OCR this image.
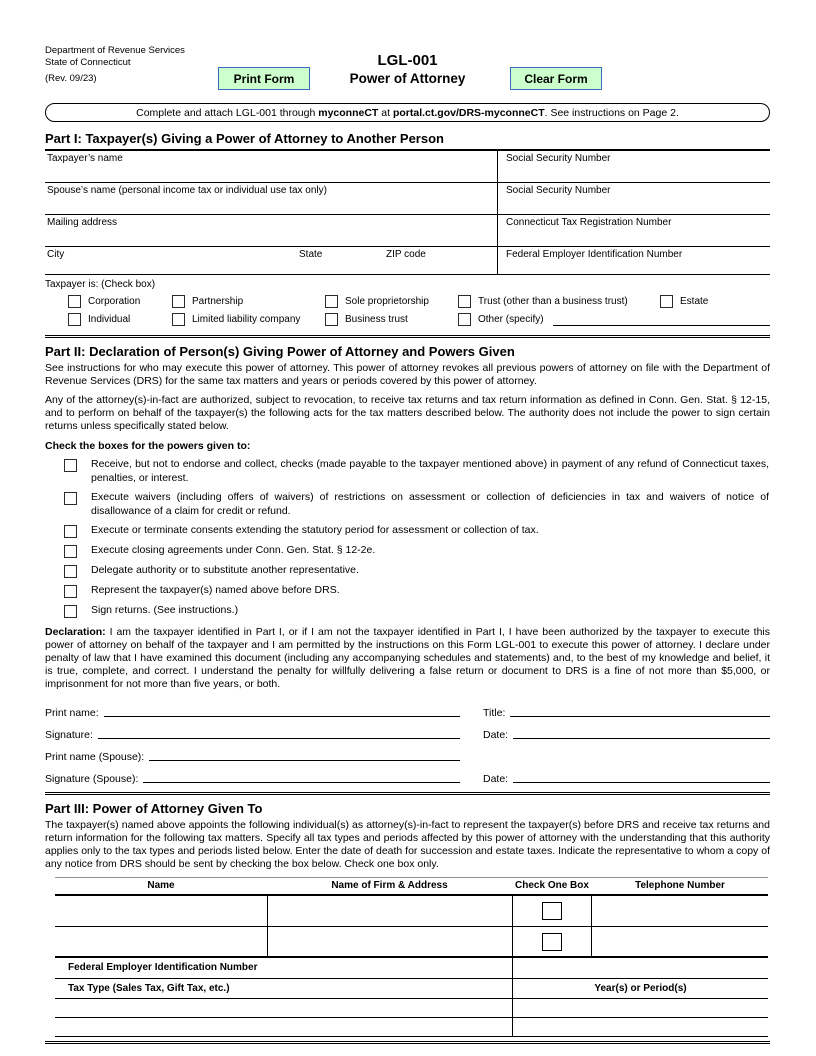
Department of Revenue Services
State of Connecticut
(Rev. 09/23)
LGL-001
Power of Attorney
Print Form	Clear Form
Complete and attach LGL-001 through myconneCT at portal.ct.gov/DRS-myconneCT. See instructions on Page 2.
Part I: Taxpayer(s) Giving a Power of Attorney to Another Person
Taxpayer’s name	Social Security Number
Spouse’s name (personal income tax or individual use tax only)	Social Security Number
Mailing address	Connecticut Tax Registration Number
City	State	ZIP code	Federal Employer Identification Number
Taxpayer is: (Check box)
Corporation	Partnership	Sole proprietorship	Trust (other than a business trust)	Estate
Individual	Limited liability company	Business trust	Other (specify)
Part II: Declaration of Person(s) Giving Power of Attorney and Powers Given

See instructions for who may execute this power of attorney. This power of attorney revokes all previous powers of attorney on file with the Department of Revenue Services (DRS) for the same tax matters and years or periods covered by this power of attorney.

Any of the attorney(s)-in-fact are authorized, subject to revocation, to receive tax returns and tax return information as defined in Conn. Gen. Stat. § 12-15, and to perform on behalf of the taxpayer(s) the following acts for the tax matters described below. The authority does not include the power to sign certain returns unless specifically stated below.

Check the boxes for the powers given to:
Receive, but not to endorse and collect, checks (made payable to the taxpayer mentioned above) in payment of any refund of Connecticut taxes, penalties, or interest.
Execute waivers (including offers of waivers) of restrictions on assessment or collection of deficiencies in tax and waivers of notice of disallowance of a claim for credit or refund.
Execute or terminate consents extending the statutory period for assessment or collection of tax.
Execute closing agreements under Conn. Gen. Stat. § 12-2e.
Delegate authority or to substitute another representative.
Represent the taxpayer(s) named above before DRS.
Sign returns. (See instructions.)

Declaration: I am the taxpayer identified in Part I, or if I am not the taxpayer identified in Part I, I have been authorized by the taxpayer to execute this power of attorney on behalf of the taxpayer and I am permitted by the instructions on this Form LGL-001 to execute this power of attorney. I declare under penalty of law that I have examined this document (including any accompanying schedules and statements) and, to the best of my knowledge and belief, it is true, complete, and correct. I understand the penalty for willfully delivering a false return or document to DRS is a fine of not more than $5,000, or imprisonment for not more than five years, or both.

Print name:	Title:
Signature:	Date:
Print name (Spouse):
Signature (Spouse):	Date:
Part III: Power of Attorney Given To

The taxpayer(s) named above appoints the following individual(s) as attorney(s)-in-fact to represent the taxpayer(s) before DRS and receive tax returns and return information for the following tax matters. Specify all tax types and periods affected by this power of attorney with the understanding that this authority applies only to the tax types and periods listed below. Enter the date of death for succession and estate taxes. Indicate the representative to whom a copy of any notice from DRS should be sent by checking the box below. Check one box only.

Name	Name of Firm & Address	Check One Box	Telephone Number
Federal Employer Identification Number
Tax Type (Sales Tax, Gift Tax, etc.)	Year(s) or Period(s)
